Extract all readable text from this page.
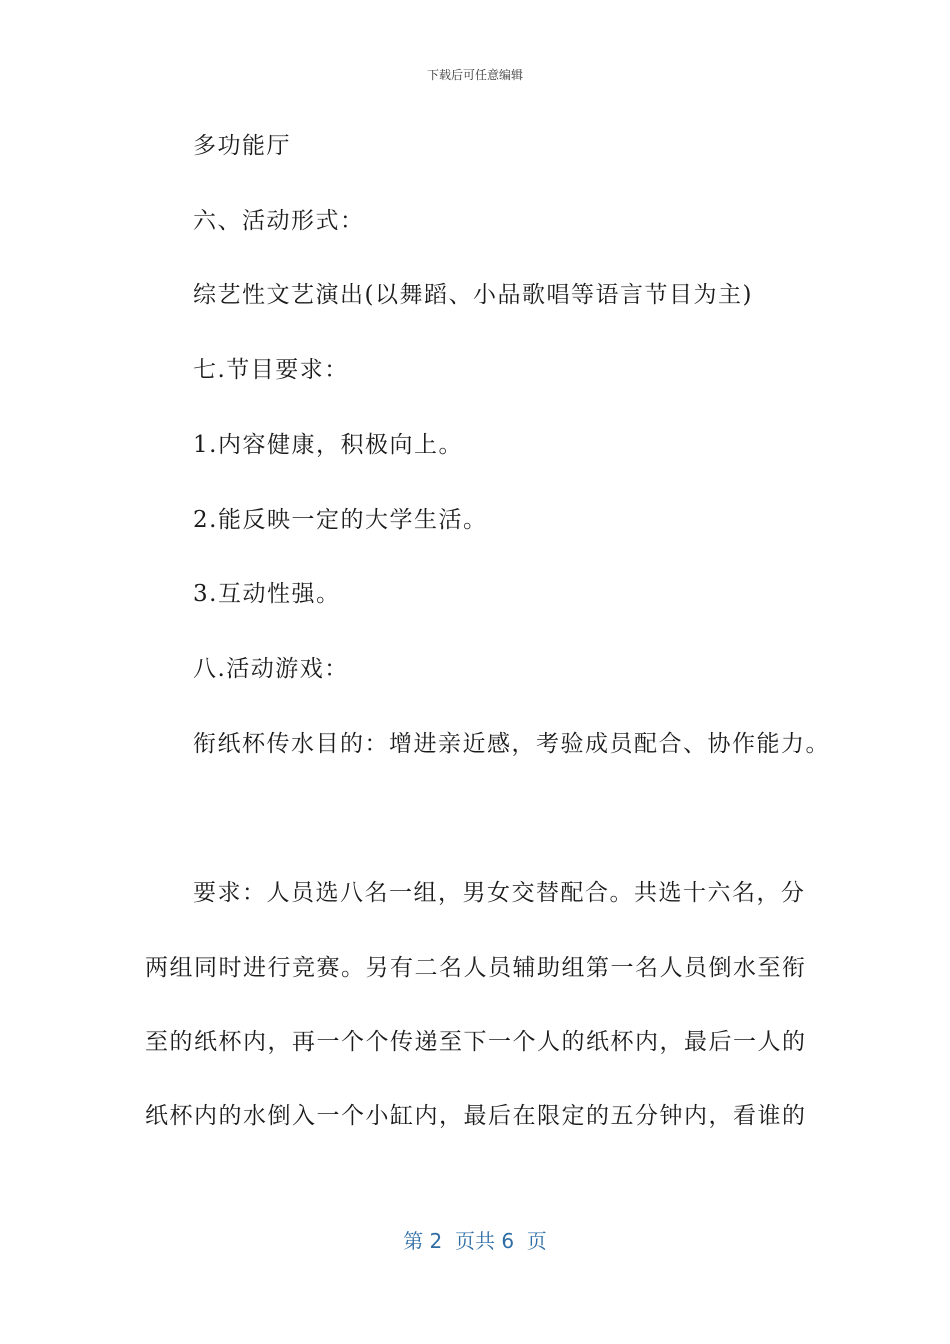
下载后可任意编辑
多功能厅
六、活动形式：
综艺性文艺演出(以舞蹈、小品歌唱等语言节目为主)
七.节目要求：
1.内容健康，积极向上。
2.能反映一定的大学生活。
3.互动性强。
八.活动游戏：
衔纸杯传水目的：增进亲近感，考验成员配合、协作能力。
要求：人员选八名一组，男女交替配合。共选十六名，分
两组同时进行竞赛。另有二名人员辅助组第一名人员倒水至衔
至的纸杯内，再一个个传递至下一个人的纸杯内，最后一人的
纸杯内的水倒入一个小缸内，最后在限定的五分钟内，看谁的
第 2  页共 6  页
